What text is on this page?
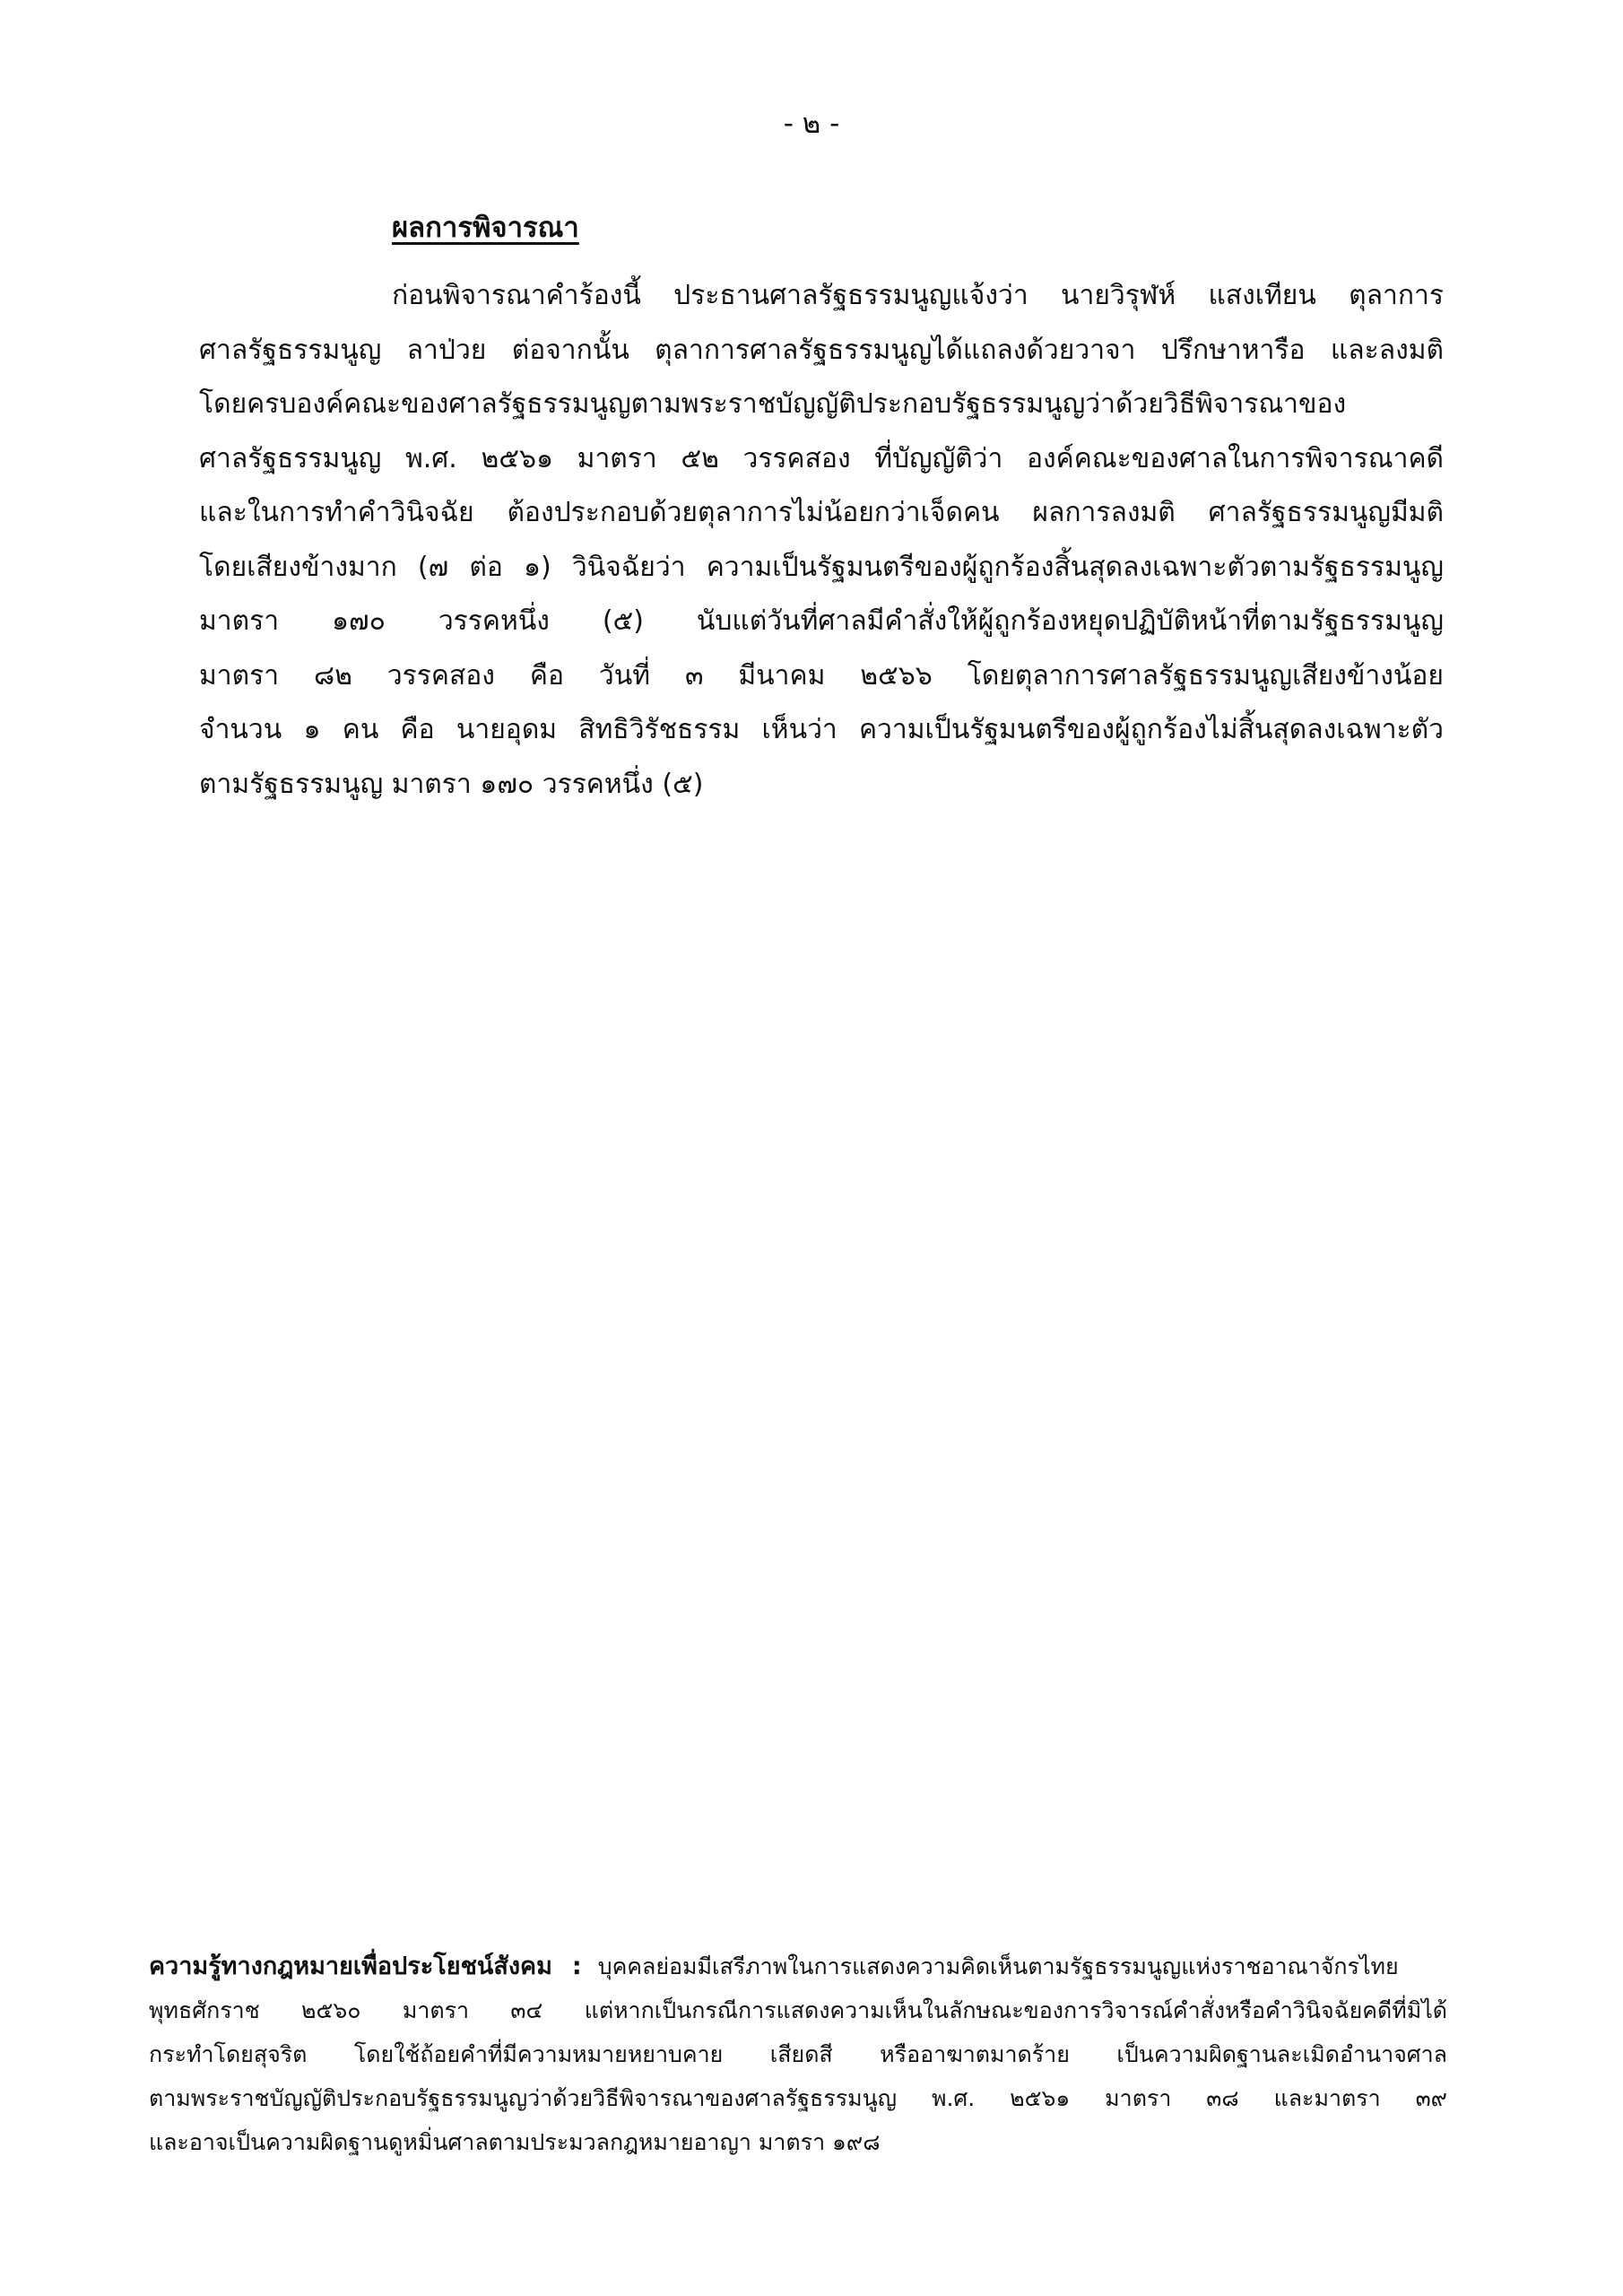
- ๒ -
ผลการพิจารณา
ก่อนพิจารณาคำร้องนี้ ประธานศาลรัฐธรรมนูญแจ้งว่า นายวิรุฬห์ แสงเทียน ตุลาการ
ศาลรัฐธรรมนูญ ลาป่วย ต่อจากนั้น ตุลาการศาลรัฐธรรมนูญได้แถลงด้วยวาจา ปรึกษาหารือ และลงมติ
โดยครบองค์คณะของศาลรัฐธรรมนูญตามพระราชบัญญัติประกอบรัฐธรรมนูญว่าด้วยวิธีพิจารณาของ
ศาลรัฐธรรมนูญ พ.ศ. ๒๕๖๑ มาตรา ๕๒ วรรคสอง ที่บัญญัติว่า องค์คณะของศาลในการพิจารณาคดี
และในการทำคำวินิจฉัย ต้องประกอบด้วยตุลาการไม่น้อยกว่าเจ็ดคน ผลการลงมติ ศาลรัฐธรรมนูญมีมติ
โดยเสียงข้างมาก (๗ ต่อ ๑) วินิจฉัยว่า ความเป็นรัฐมนตรีของผู้ถูกร้องสิ้นสุดลงเฉพาะตัวตามรัฐธรรมนูญ
มาตรา ๑๗๐ วรรคหนึ่ง (๕) นับแต่วันที่ศาลมีคำสั่งให้ผู้ถูกร้องหยุดปฏิบัติหน้าที่ตามรัฐธรรมนูญ
มาตรา ๘๒ วรรคสอง คือ วันที่ ๓ มีนาคม ๒๕๖๖ โดยตุลาการศาลรัฐธรรมนูญเสียงข้างน้อย
จำนวน ๑ คน คือ นายอุดม สิทธิวิรัชธรรม เห็นว่า ความเป็นรัฐมนตรีของผู้ถูกร้องไม่สิ้นสุดลงเฉพาะตัว
ตามรัฐธรรมนูญ มาตรา ๑๗๐ วรรคหนึ่ง (๕)
ความรู้ทางกฎหมายเพื่อประโยชน์สังคม : บุคคลย่อมมีเสรีภาพในการแสดงความคิดเห็นตามรัฐธรรมนูญแห่งราชอาณาจักรไทย
พุทธศักราช ๒๕๖๐ มาตรา ๓๔ แต่หากเป็นกรณีการแสดงความเห็นในลักษณะของการวิจารณ์คำสั่งหรือคำวินิจฉัยคดีที่มิได้
กระทำโดยสุจริต โดยใช้ถ้อยคำที่มีความหมายหยาบคาย เสียดสี หรืออาฆาตมาดร้าย เป็นความผิดฐานละเมิดอำนาจศาล
ตามพระราชบัญญัติประกอบรัฐธรรมนูญว่าด้วยวิธีพิจารณาของศาลรัฐธรรมนูญ พ.ศ. ๒๕๖๑ มาตรา ๓๘ และมาตรา ๓๙
และอาจเป็นความผิดฐานดูหมิ่นศาลตามประมวลกฎหมายอาญา มาตรา ๑๙๘
